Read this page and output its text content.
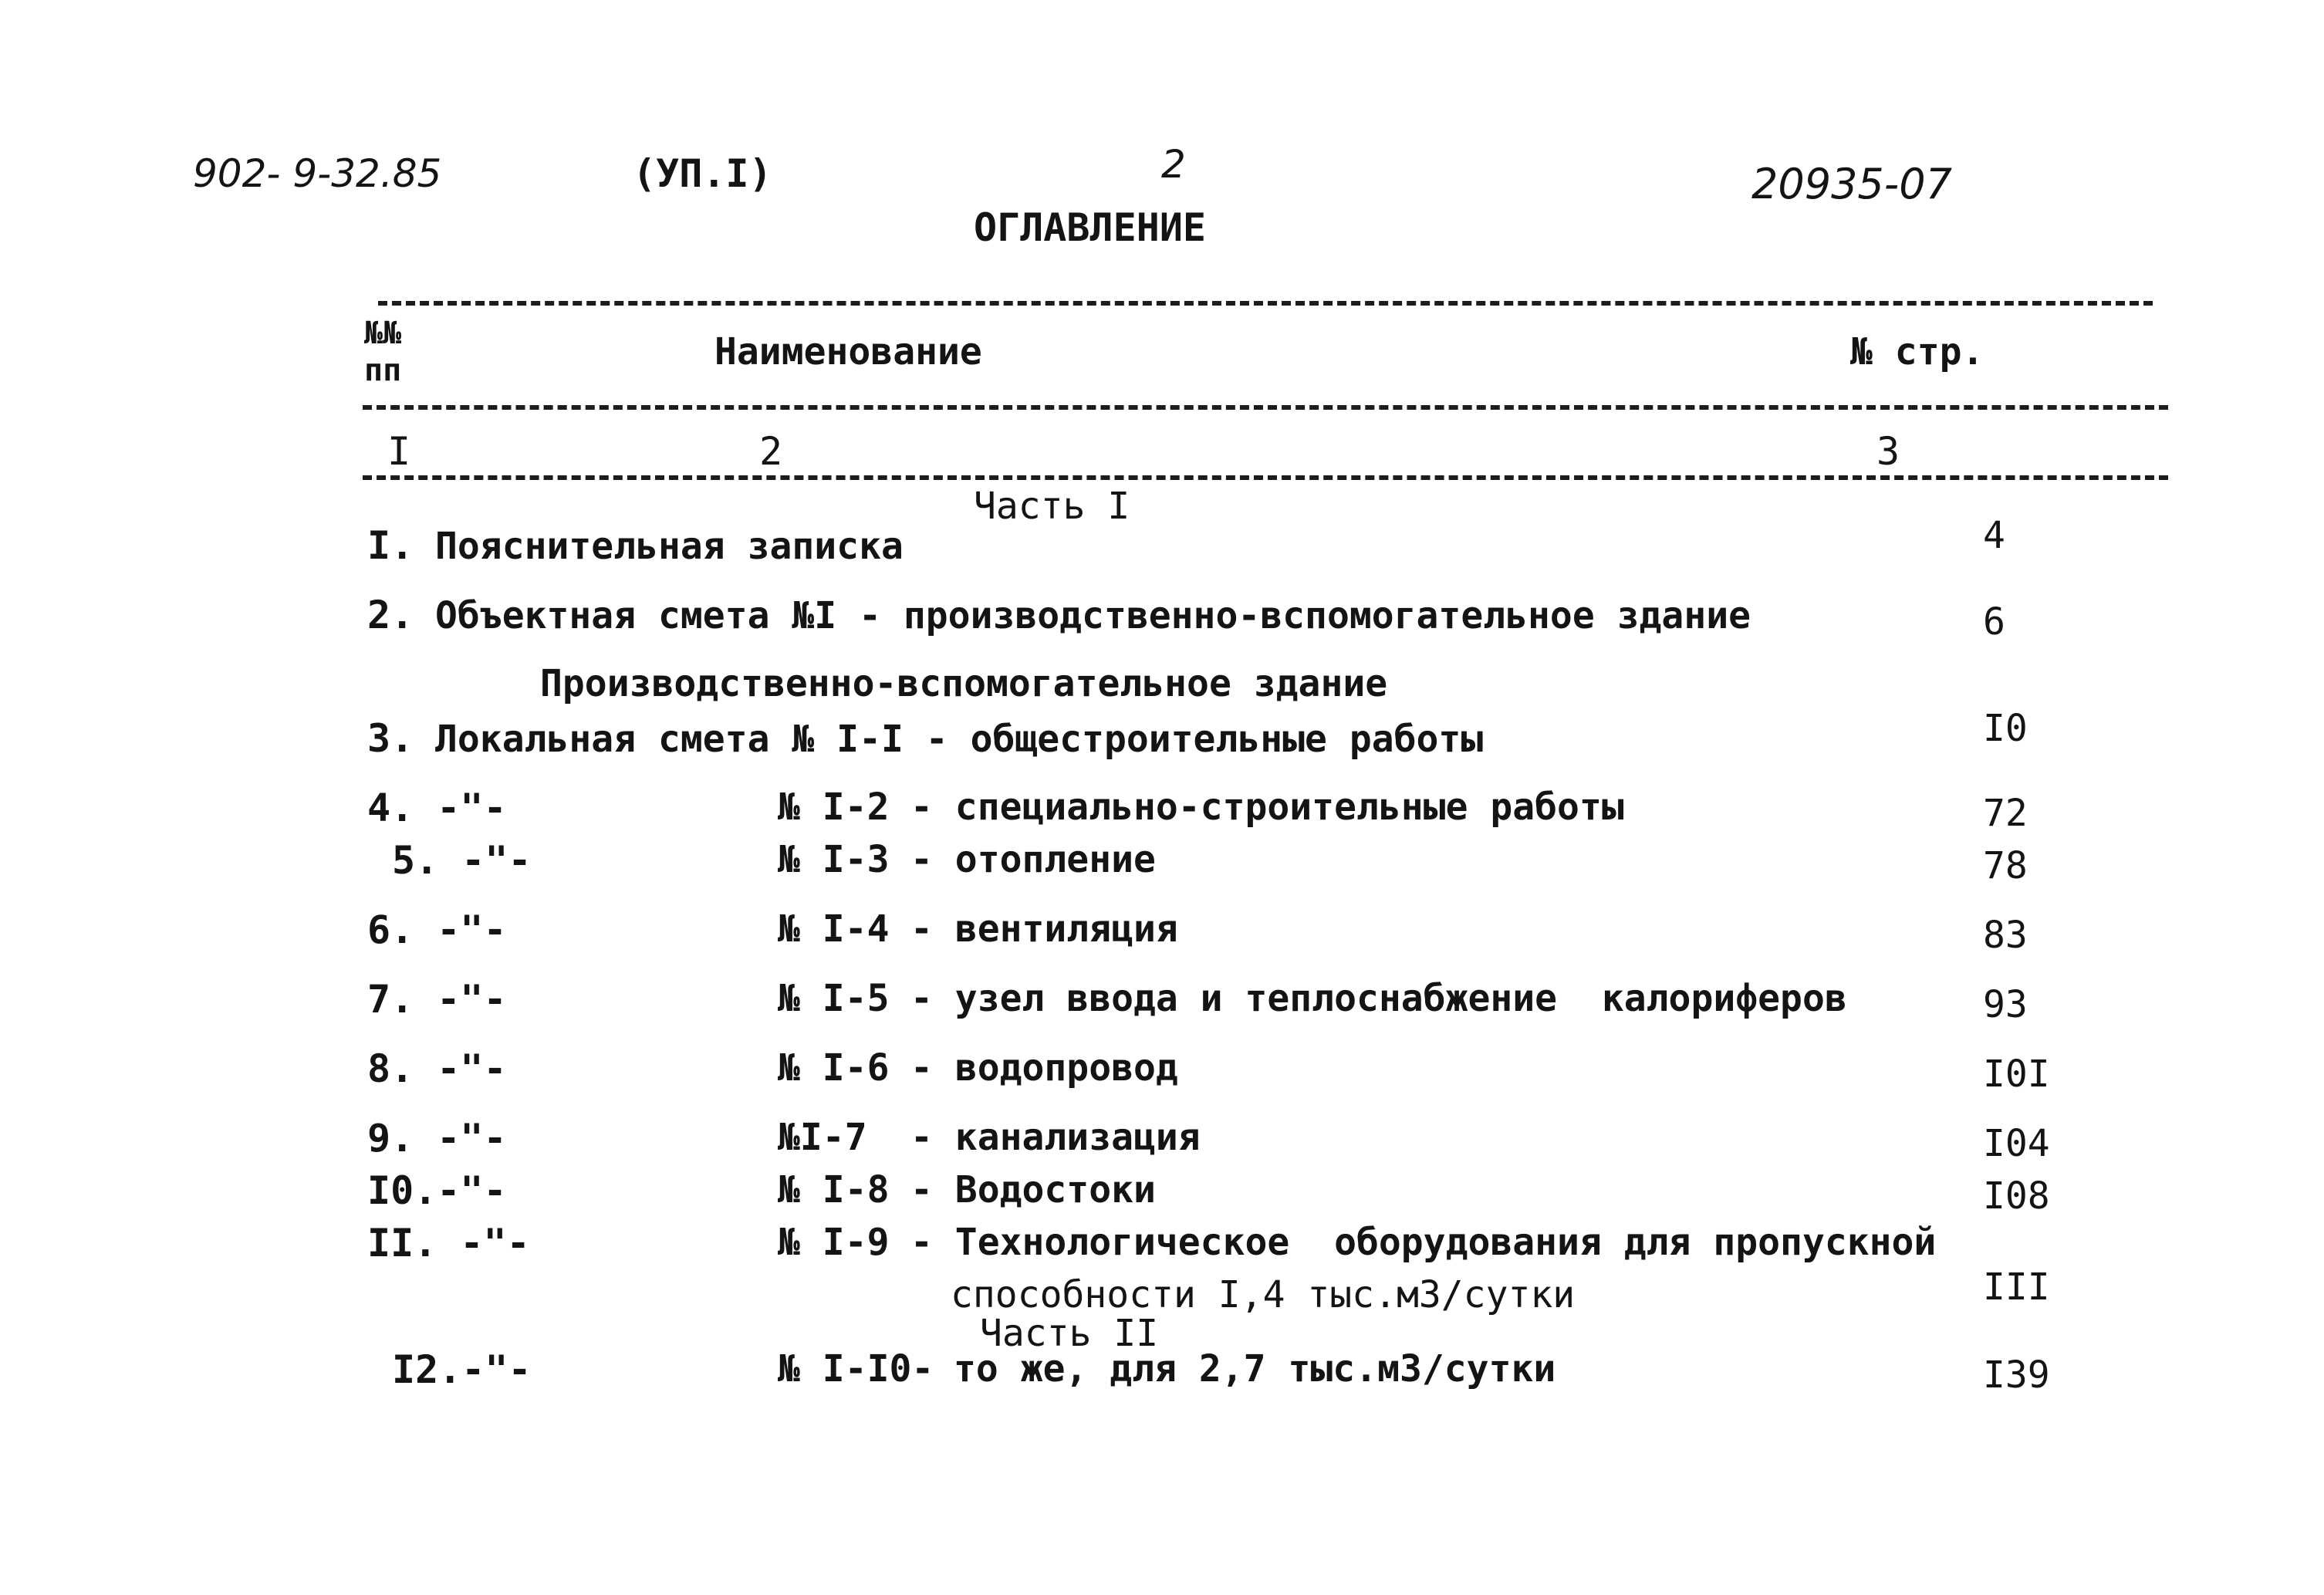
902- 9-32.85	(УП.I)	2	20935-07
ОГЛАВЛЕНИЕ
№№
пп	Наименование	№ стр.
I	2	3
Часть I
I. Пояснительная записка	4
2. Объектная смета №I - производственно-вспомогательное здание	6
Производственно-вспомогательное здание
3. Локальная смета № I-I - общестроительные работы	I0
4. -"-	№ I-2 - специально-строительные работы	72
5. -"-	№ I-3 - отопление	78
6. -"-	№ I-4 - вентиляция	83
7. -"-	№ I-5 - узел ввода и теплоснабжение  калориферов	93
8. -"-	№ I-6 - водопровод	I0I
9. -"-	№I-7 - канализация	I04
I0.-"-	№ I-8 - Водостоки	I08
II. -"-	№ I-9 - Технологическое  оборудования для пропускной
способности I,4 тыс.м3/сутки	III
Часть II
I2.-"-	№ I-I0- то же, для 2,7 тыс.м3/сутки	I39
